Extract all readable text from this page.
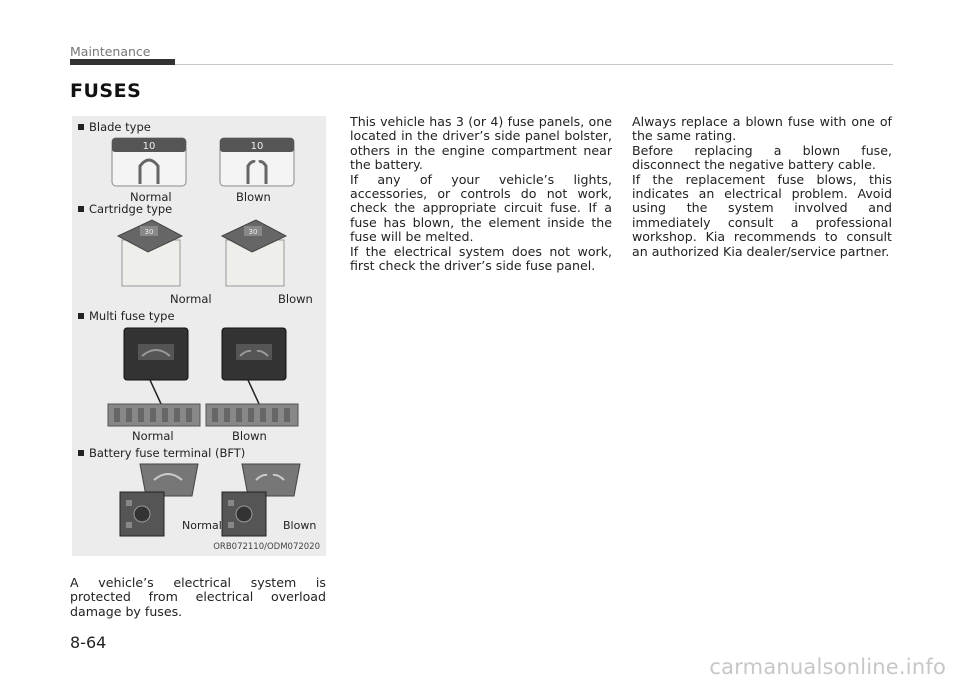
Maintenance
FUSES
Blade type
10	10
Normal	Blown
Cartridge type
30	30
Normal	Blown
Multi fuse type
Normal	Blown
Battery fuse terminal (BFT)
Normal	Blown
ORB072110/ODM072020

A vehicle’s electrical system is protected from electrical overload damage by fuses.

This vehicle has 3 (or 4) fuse panels, one located in the driver’s side panel bolster, others in the engine compartment near the battery.

If any of your vehicle’s lights, accessories, or controls do not work, check the appropriate circuit fuse. If a fuse has blown, the element inside the fuse will be melted.

If the electrical system does not work, first check the driver’s side fuse panel.

Always replace a blown fuse with one of the same rating.

Before replacing a blown fuse, disconnect the negative battery cable.

If the replacement fuse blows, this indicates an electrical problem. Avoid using the system involved and immediately consult a professional workshop. Kia recommends to consult an authorized Kia dealer/service partner.

8-64
carmanualsonline.info
